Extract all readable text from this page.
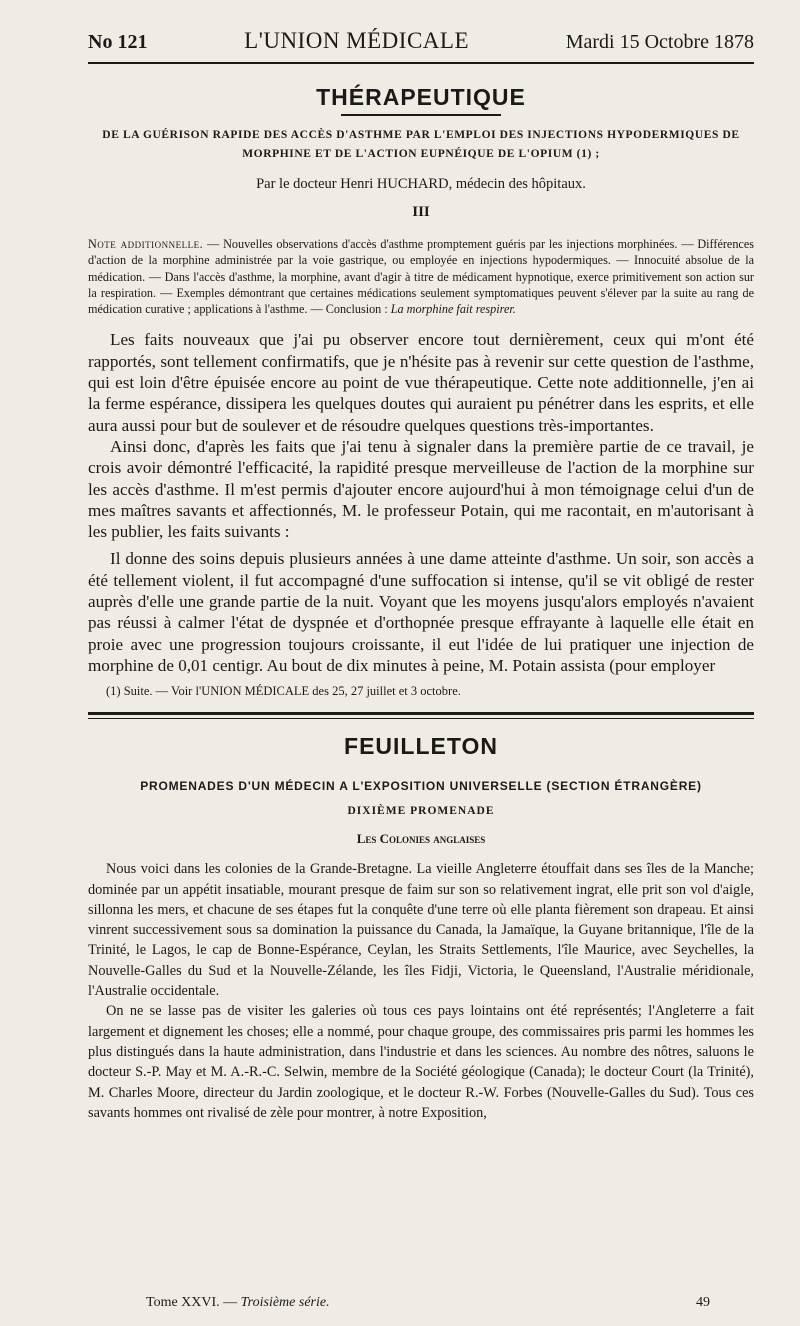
No 121	L'UNION MÉDICALE	Mardi 15 Octobre 1878
THÉRAPEUTIQUE
DE LA GUÉRISON RAPIDE DES ACCÈS D'ASTHME PAR L'EMPLOI DES INJECTIONS HYPODERMIQUES DE MORPHINE ET DE L'ACTION EUPNÉIQUE DE L'OPIUM (1) ;
Par le docteur Henri HUCHARD, médecin des hôpitaux.
III
Note additionnelle. — Nouvelles observations d'accès d'asthme promptement guéris par les injections morphinées. — Différences d'action de la morphine administrée par la voie gastrique, ou employée en injections hypodermiques. — Innocuité absolue de la médication. — Dans l'accès d'asthme, la morphine, avant d'agir à titre de médicament hypnotique, exerce primitivement son action sur la respiration. — Exemples démontrant que certaines médications seulement symptomatiques peuvent s'élever par la suite au rang de médication curative ; applications à l'asthme. — Conclusion : La morphine fait respirer.

Les faits nouveaux que j'ai pu observer encore tout dernièrement, ceux qui m'ont été rapportés, sont tellement confirmatifs, que je n'hésite pas à revenir sur cette question de l'asthme, qui est loin d'être épuisée encore au point de vue thérapeutique. Cette note additionnelle, j'en ai la ferme espérance, dissipera les quelques doutes qui auraient pu pénétrer dans les esprits, et elle aura aussi pour but de soulever et de résoudre quelques questions très-importantes.

Ainsi donc, d'après les faits que j'ai tenu à signaler dans la première partie de ce travail, je crois avoir démontré l'efficacité, la rapidité presque merveilleuse de l'action de la morphine sur les accès d'asthme. Il m'est permis d'ajouter encore aujourd'hui à mon témoignage celui d'un de mes maîtres savants et affectionnés, M. le professeur Potain, qui me racontait, en m'autorisant à les publier, les faits suivants :

Il donne des soins depuis plusieurs années à une dame atteinte d'asthme. Un soir, son accès a été tellement violent, il fut accompagné d'une suffocation si intense, qu'il se vit obligé de rester auprès d'elle une grande partie de la nuit. Voyant que les moyens jusqu'alors employés n'avaient pas réussi à calmer l'état de dyspnée et d'orthopnée presque effrayante à laquelle elle était en proie avec une progression toujours croissante, il eut l'idée de lui pratiquer une injection de morphine de 0,01 centigr. Au bout de dix minutes à peine, M. Potain assista (pour employer

(1) Suite. — Voir l'UNION MÉDICALE des 25, 27 juillet et 3 octobre.
FEUILLETON
PROMENADES D'UN MÉDECIN A L'EXPOSITION UNIVERSELLE (SECTION ÉTRANGÈRE)
DIXIÈME PROMENADE
Les Colonies anglaises

Nous voici dans les colonies de la Grande-Bretagne. La vieille Angleterre étouffait dans ses îles de la Manche; dominée par un appétit insatiable, mourant presque de faim sur son so relativement ingrat, elle prit son vol d'aigle, sillonna les mers, et chacune de ses étapes fut la conquête d'une terre où elle planta fièrement son drapeau. Et ainsi vinrent successivement sous sa domination la puissance du Canada, la Jamaïque, la Guyane britannique, l'île de la Trinité, le Lagos, le cap de Bonne-Espérance, Ceylan, les Straits Settlements, l'île Maurice, avec Seychelles, la Nouvelle-Galles du Sud et la Nouvelle-Zélande, les îles Fidji, Victoria, le Queensland, l'Australie méridionale, l'Australie occidentale.

On ne se lasse pas de visiter les galeries où tous ces pays lointains ont été représentés; l'Angleterre a fait largement et dignement les choses; elle a nommé, pour chaque groupe, des commissaires pris parmi les hommes les plus distingués dans la haute administration, dans l'industrie et dans les sciences. Au nombre des nôtres, saluons le docteur S.-P. May et M. A.-R.-C. Selwin, membre de la Société géologique (Canada); le docteur Court (la Trinité), M. Charles Moore, directeur du Jardin zoologique, et le docteur R.-W. Forbes (Nouvelle-Galles du Sud). Tous ces savants hommes ont rivalisé de zèle pour montrer, à notre Exposition,

Tome XXVI. — Troisième série.	49
